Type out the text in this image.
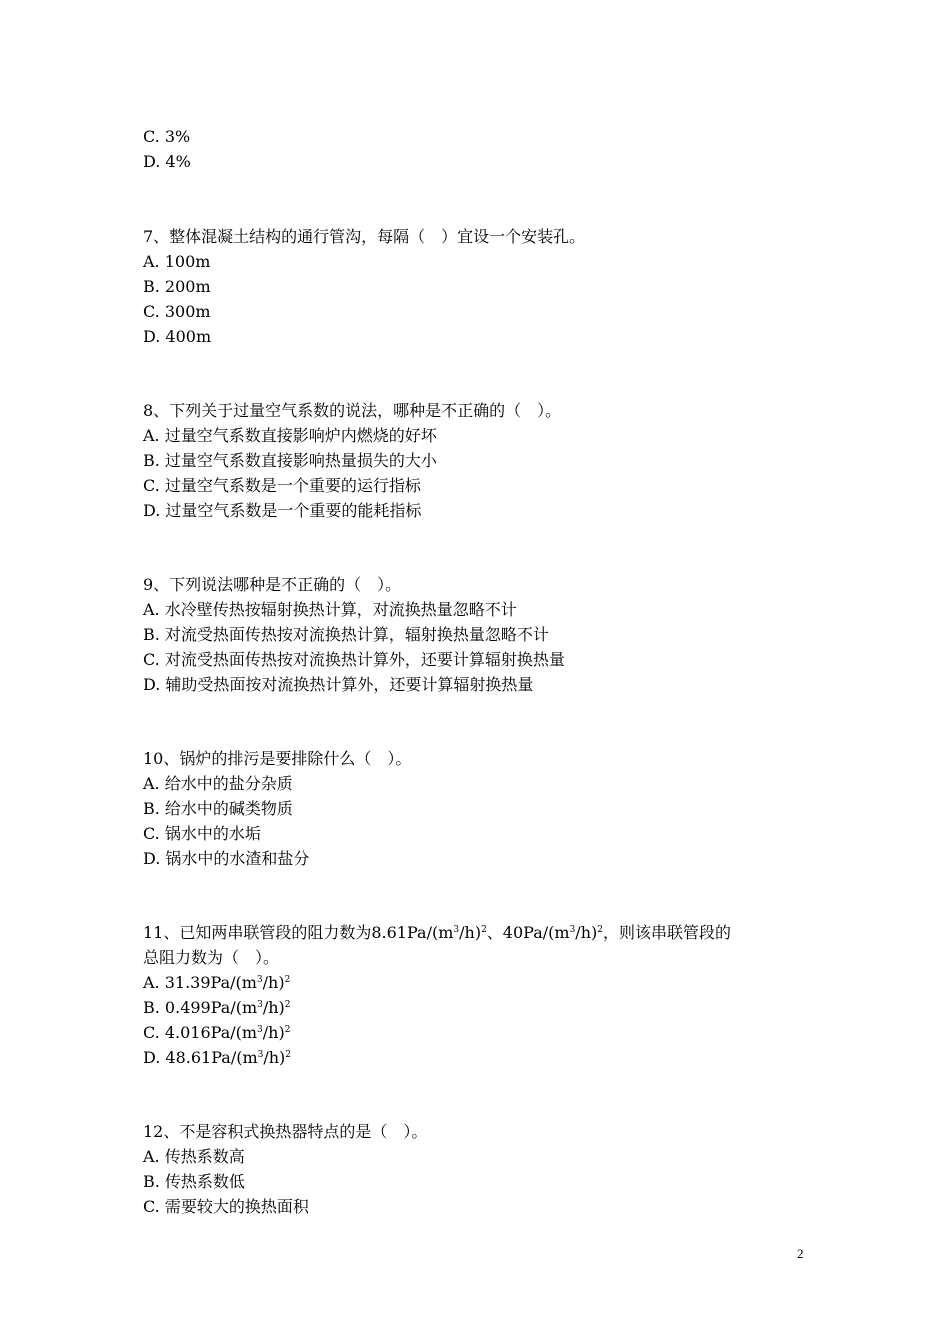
C. 3%
D. 4%
7、整体混凝土结构的通行管沟，每隔（　）宜设一个安装孔。
A. 100m
B. 200m
C. 300m
D. 400m
8、下列关于过量空气系数的说法，哪种是不正确的（　）。
A. 过量空气系数直接影响炉内燃烧的好坏
B. 过量空气系数直接影响热量损失的大小
C. 过量空气系数是一个重要的运行指标
D. 过量空气系数是一个重要的能耗指标
9、下列说法哪种是不正确的（　）。
A. 水冷壁传热按辐射换热计算，对流换热量忽略不计
B. 对流受热面传热按对流换热计算，辐射换热量忽略不计
C. 对流受热面传热按对流换热计算外，还要计算辐射换热量
D. 辅助受热面按对流换热计算外，还要计算辐射换热量
10、锅炉的排污是要排除什么（　）。
A. 给水中的盐分杂质
B. 给水中的碱类物质
C. 锅水中的水垢
D. 锅水中的水渣和盐分
11、已知两串联管段的阻力数为$8.61Pa/(m^3/h)^2$、$40Pa/(m^3/h)^2$，则该串联管段的
总阻力数为（　）。
A. $31.39Pa/(m^3/h)^2$
B. $0.499Pa/(m^3/h)^2$
C. $4.016Pa/(m^3/h)^2$
D. $48.61Pa/(m^3/h)^2$
12、不是容积式换热器特点的是（　）。
A. 传热系数高
B. 传热系数低
C. 需要较大的换热面积
2
